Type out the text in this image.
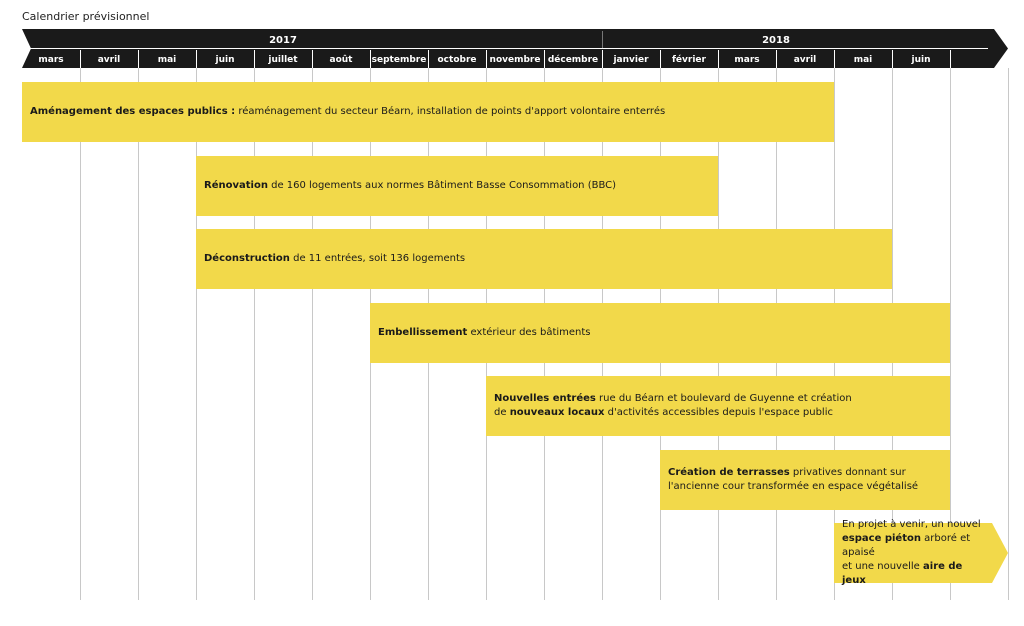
Calendrier prévisionnel
2017	2018
mars	avril	mai	juin	juillet	août septembre octobre novembre décembre janvier	février	mars	avril	mai	juin
Aménagement des espaces publics : réaménagement du secteur Béarn, installation de points d'apport volontaire enterrés
Rénovation de 160 logements aux normes Bâtiment Basse Consommation (BBC)
Déconstruction de 11 entrées, soit 136 logements
Embellissement extérieur des bâtiments
Nouvelles entrées rue du Béarn et boulevard de Guyenne et création
de nouveaux locaux d'activités accessibles depuis l'espace public
Création de terrasses privatives donnant sur
l'ancienne cour transformée en espace végétalisé
En projet à venir, un nouvel
espace piéton arboré et apaisé
et une nouvelle aire de jeux
